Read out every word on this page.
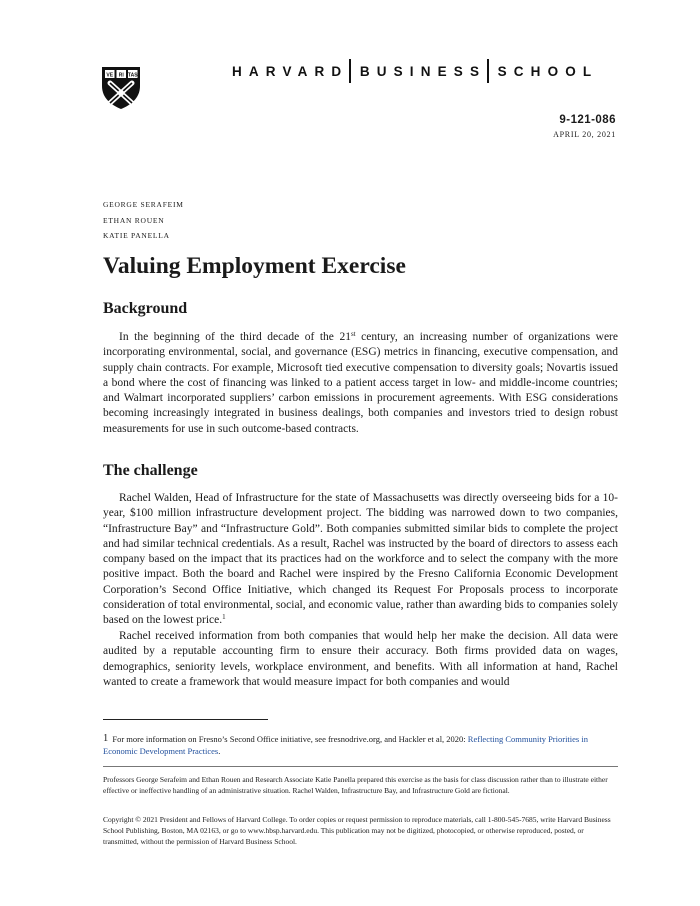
VE RI TAS	HARVARD BUSINESS SCHOOL
9-121-086
APRIL 20, 2021
GEORGE SERAFEIM
ETHAN ROUEN
KATIE PANELLA
Valuing Employment Exercise
Background

In the beginning of the third decade of the 21st century, an increasing number of organizations were incorporating environmental, social, and governance (ESG) metrics in financing, executive compensation, and supply chain contracts. For example, Microsoft tied executive compensation to diversity goals; Novartis issued a bond where the cost of financing was linked to a patient access target in low- and middle-income countries; and Walmart incorporated suppliers’ carbon emissions in procurement agreements. With ESG considerations becoming increasingly integrated in business dealings, both companies and investors tried to design robust measurements for use in such outcome-based contracts.

The challenge

Rachel Walden, Head of Infrastructure for the state of Massachusetts was directly overseeing bids for a 10-year, $100 million infrastructure development project. The bidding was narrowed down to two companies, “Infrastructure Bay” and “Infrastructure Gold”. Both companies submitted similar bids to complete the project and had similar technical credentials. As a result, Rachel was instructed by the board of directors to assess each company based on the impact that its practices had on the workforce and to select the company with the more positive impact. Both the board and Rachel were inspired by the Fresno California Economic Development Corporation’s Second Office Initiative, which changed its Request For Proposals process to incorporate consideration of total environmental, social, and economic value, rather than awarding bids to companies solely based on the lowest price.$^1$

Rachel received information from both companies that would help her make the decision. All data were audited by a reputable accounting firm to ensure their accuracy. Both firms provided data on wages, demographics, seniority levels, workplace environment, and benefits. With all information at hand, Rachel wanted to create a framework that would measure impact for both companies and would

1 For more information on Fresno’s Second Office initiative, see fresnodrive.org, and Hackler et al, 2020: Reflecting Community Priorities in Economic Development Practices.

Professors George Serafeim and Ethan Rouen and Research Associate Katie Panella prepared this exercise as the basis for class discussion rather than to illustrate either effective or ineffective handling of an administrative situation. Rachel Walden, Infrastructure Bay, and Infrastructure Gold are fictional.

Copyright © 2021 President and Fellows of Harvard College. To order copies or request permission to reproduce materials, call 1-800-545-7685, write Harvard Business School Publishing, Boston, MA 02163, or go to www.hbsp.harvard.edu. This publication may not be digitized, photocopied, or otherwise reproduced, posted, or transmitted, without the permission of Harvard Business School.
